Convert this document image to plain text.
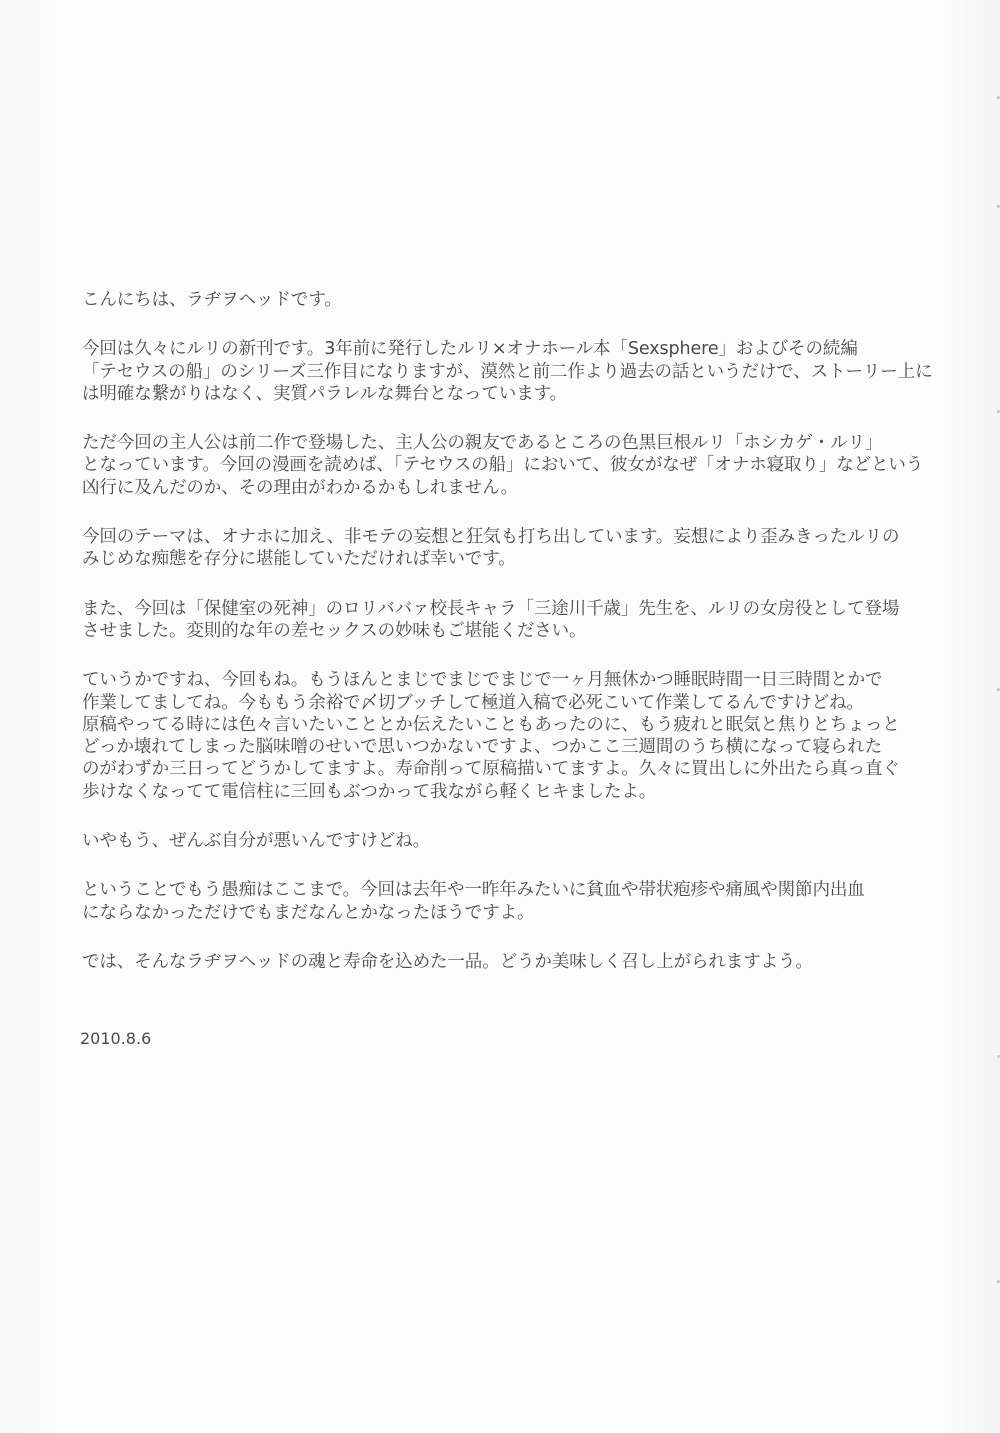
こんにちは、ラヂヲヘッドです。

今回は久々にルリの新刊です。3年前に発行したルリ×オナホール本「Sexsphere」およびその続編
「テセウスの船」のシリーズ三作目になりますが、漠然と前二作より過去の話というだけで、ストーリー上に
は明確な繋がりはなく、実質パラレルな舞台となっています。

ただ今回の主人公は前二作で登場した、主人公の親友であるところの色黒巨根ルリ「ホシカゲ・ルリ」
となっています。今回の漫画を読めば、「テセウスの船」において、彼女がなぜ「オナホ寝取り」などという
凶行に及んだのか、その理由がわかるかもしれません。

今回のテーマは、オナホに加え、非モテの妄想と狂気も打ち出しています。妄想により歪みきったルリの
みじめな痴態を存分に堪能していただければ幸いです。

また、今回は「保健室の死神」のロリババァ校長キャラ「三途川千歳」先生を、ルリの女房役として登場
させました。変則的な年の差セックスの妙味もご堪能ください。

ていうかですね、今回もね。もうほんとまじでまじでまじで一ヶ月無休かつ睡眠時間一日三時間とかで
作業してましてね。今ももう余裕で〆切ブッチして極道入稿で必死こいて作業してるんですけどね。
原稿やってる時には色々言いたいこととか伝えたいこともあったのに、もう疲れと眠気と焦りとちょっと
どっか壊れてしまった脳味噌のせいで思いつかないですよ、つかここ三週間のうち横になって寝られた
のがわずか三日ってどうかしてますよ。寿命削って原稿描いてますよ。久々に買出しに外出たら真っ直ぐ
歩けなくなってて電信柱に三回もぶつかって我ながら軽くヒキましたよ。

いやもう、ぜんぶ自分が悪いんですけどね。

ということでもう愚痴はここまで。今回は去年や一昨年みたいに貧血や帯状疱疹や痛風や関節内出血
にならなかっただけでもまだなんとかなったほうですよ。

では、そんなラヂヲヘッドの魂と寿命を込めた一品。どうか美味しく召し上がられますよう。

2010.8.6
